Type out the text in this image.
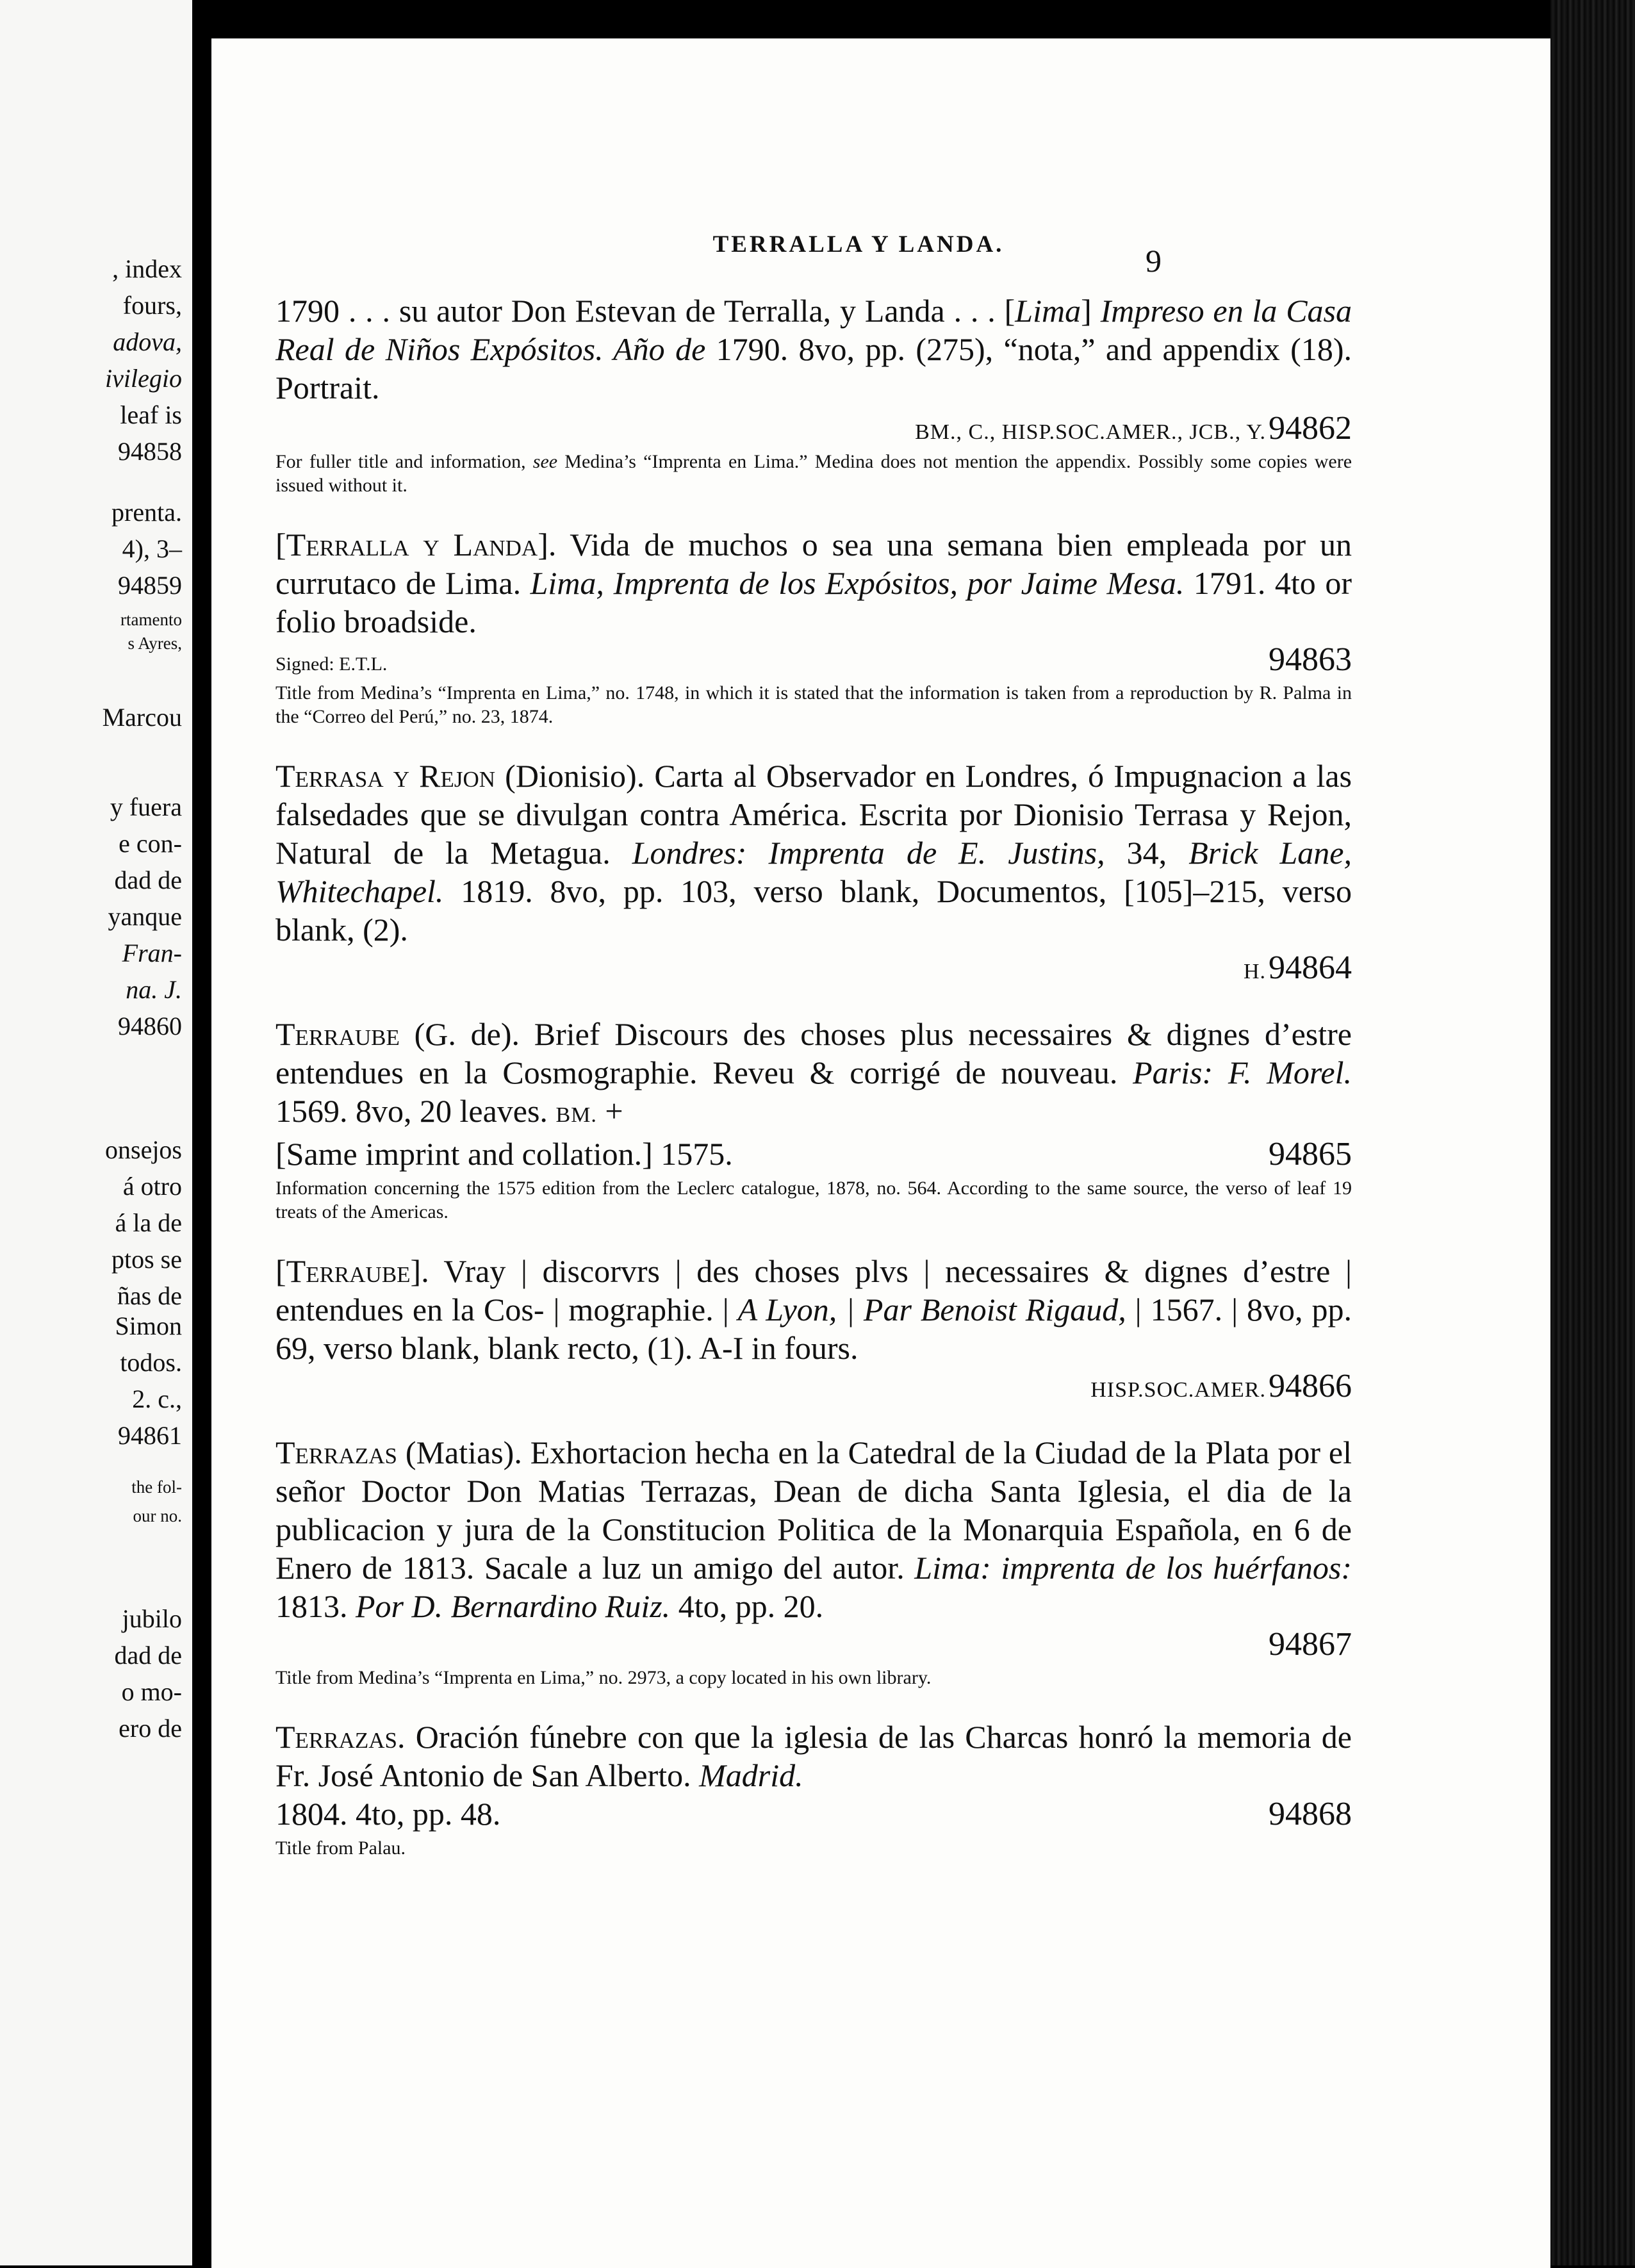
, index
fours,
adova,
ivilegio
leaf is
94858
prenta.
4), 3–
94859
rtamento
s Ayres,
Marcou
y fuera
e con-
dad de
yanque
Fran-
na. J.
94860
onsejos
á otro
á la de
ptos se
ñas de
Simon
todos.
2. c.,
94861
the fol-
our no.
jubilo
dad de
o mo-
ero de
TERRALLA Y LANDA.	9
1790 . . . su autor Don Estevan de Terralla, y Landa . . . [Lima] Impreso en la Casa Real de Niños Expósitos. Año de 1790. 8vo, pp. (275), “nota,” and appendix (18). Portrait.
BM., C., HISP.SOC.AMER., JCB., Y. 94862
For fuller title and information, see Medina’s “Imprenta en Lima.” Medina does not mention the appendix. Possibly some copies were issued without it.
[Terralla y Landa]. Vida de muchos o sea una semana bien empleada por un currutaco de Lima. Lima, Imprenta de los Expósitos, por Jaime Mesa. 1791. 4to or folio broadside.
Signed: E.T.L.	94863
Title from Medina’s “Imprenta en Lima,” no. 1748, in which it is stated that the information is taken from a reproduction by R. Palma in the “Correo del Perú,” no. 23, 1874.
Terrasa y Rejon (Dionisio). Carta al Observador en Londres, ó Impugnacion a las falsedades que se divulgan contra América. Escrita por Dionisio Terrasa y Rejon, Natural de la Metagua. Londres: Imprenta de E. Justins, 34, Brick Lane, Whitechapel. 1819. 8vo, pp. 103, verso blank, Documentos, [105]–215, verso blank, (2).
H. 94864
Terraube (G. de). Brief Discours des choses plus necessaires & dignes d’estre entendues en la Cosmographie. Reveu & corrigé de nouveau. Paris: F. Morel. 1569. 8vo, 20 leaves. BM. +
[Same imprint and collation.] 1575.	94865
Information concerning the 1575 edition from the Leclerc catalogue, 1878, no. 564. According to the same source, the verso of leaf 19 treats of the Americas.
[Terraube]. Vray | discorvrs | des choses plvs | necessaires & dignes d’estre | entendues en la Cos- | mographie. | A Lyon, | Par Benoist Rigaud, | 1567. | 8vo, pp. 69, verso blank, blank recto, (1). A-I in fours.
HISP.SOC.AMER. 94866
Terrazas (Matias). Exhortacion hecha en la Catedral de la Ciudad de la Plata por el señor Doctor Don Matias Terrazas, Dean de dicha Santa Iglesia, el dia de la publicacion y jura de la Constitucion Politica de la Monarquia Española, en 6 de Enero de 1813. Sacale a luz un amigo del autor. Lima: imprenta de los huérfanos: 1813. Por D. Bernardino Ruiz. 4to, pp. 20.
94867
Title from Medina’s “Imprenta en Lima,” no. 2973, a copy located in his own library.
Terrazas. Oración fúnebre con que la iglesia de las Charcas honró la memoria de Fr. José Antonio de San Alberto. Madrid.
1804. 4to, pp. 48.	94868
Title from Palau.
